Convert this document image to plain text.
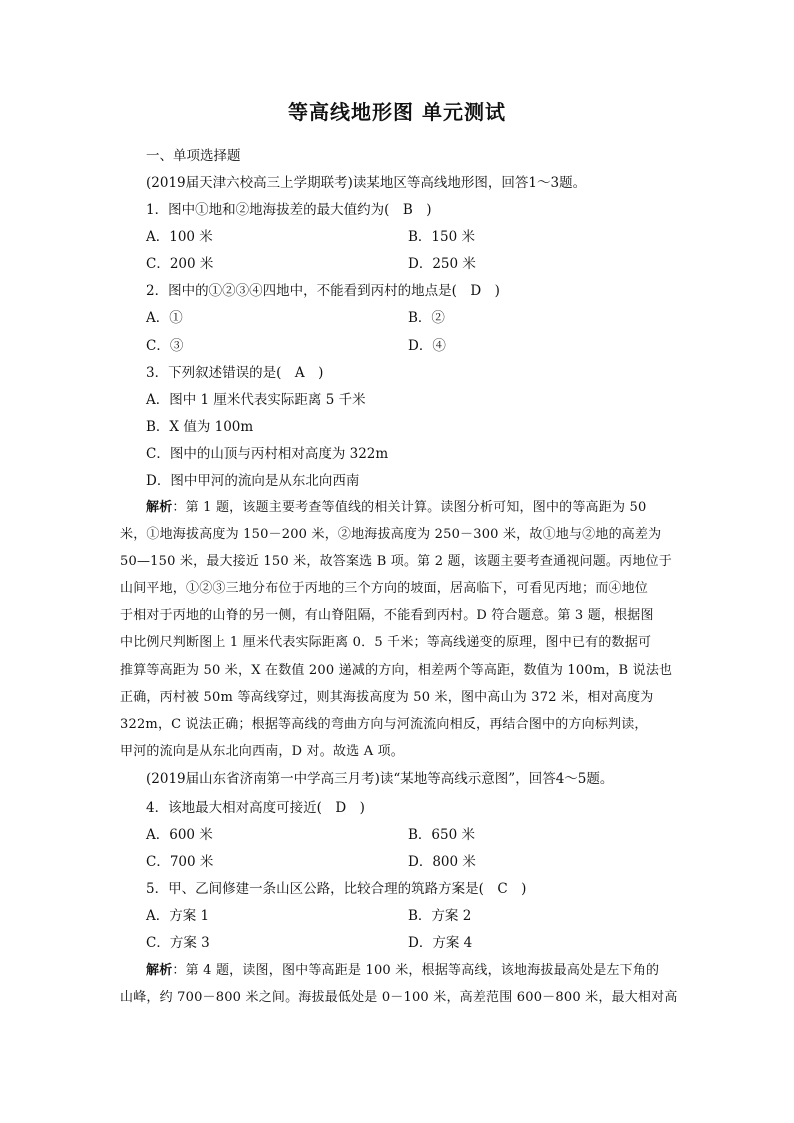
等高线地形图 单元测试
一、单项选择题
(2019届天津六校高三上学期联考)读某地区等高线地形图，回答1～3题。
1．图中①地和②地海拔差的最大值约为(　B　)
A．100 米	B．150 米
C．200 米	D．250 米
2．图中的①②③④四地中，不能看到丙村的地点是(　D　)
A．①	B．②
C．③	D．④
3．下列叙述错误的是(　A　)
A．图中 1 厘米代表实际距离 5 千米
B．X 值为 100m
C．图中的山顶与丙村相对高度为 322m
D．图中甲河的流向是从东北向西南
解析：第 1 题，该题主要考查等值线的相关计算。读图分析可知，图中的等高距为 50
米，①地海拔高度为 150－200 米，②地海拔高度为 250－300 米，故①地与②地的高差为
50—150 米，最大接近 150 米，故答案选 B 项。第 2 题，该题主要考查通视问题。丙地位于
山间平地，①②③三地分布位于丙地的三个方向的坡面，居高临下，可看见丙地；而④地位
于相对于丙地的山脊的另一侧，有山脊阻隔，不能看到丙村。D 符合题意。第 3 题，根据图
中比例尺判断图上 1 厘米代表实际距离 0．5 千米；等高线递变的原理，图中已有的数据可
推算等高距为 50 米，X 在数值 200 递减的方向，相差两个等高距，数值为 100m，B 说法也
正确，丙村被 50m 等高线穿过，则其海拔高度为 50 米，图中高山为 372 米，相对高度为
322m，C 说法正确；根据等高线的弯曲方向与河流流向相反，再结合图中的方向标判读，
甲河的流向是从东北向西南，D 对。故选 A 项。
(2019届山东省济南第一中学高三月考)读“某地等高线示意图”，回答4～5题。
4．该地最大相对高度可接近(　D　)
A．600 米	B．650 米
C．700 米	D．800 米
5．甲、乙间修建一条山区公路，比较合理的筑路方案是(　C　)
A．方案 1	B．方案 2
C．方案 3	D．方案 4
解析：第 4 题，读图，图中等高距是 100 米，根据等高线，该地海拔最高处是左下角的
山峰，约 700－800 米之间。海拔最低处是 0－100 米，高差范围 600－800 米，最大相对高
